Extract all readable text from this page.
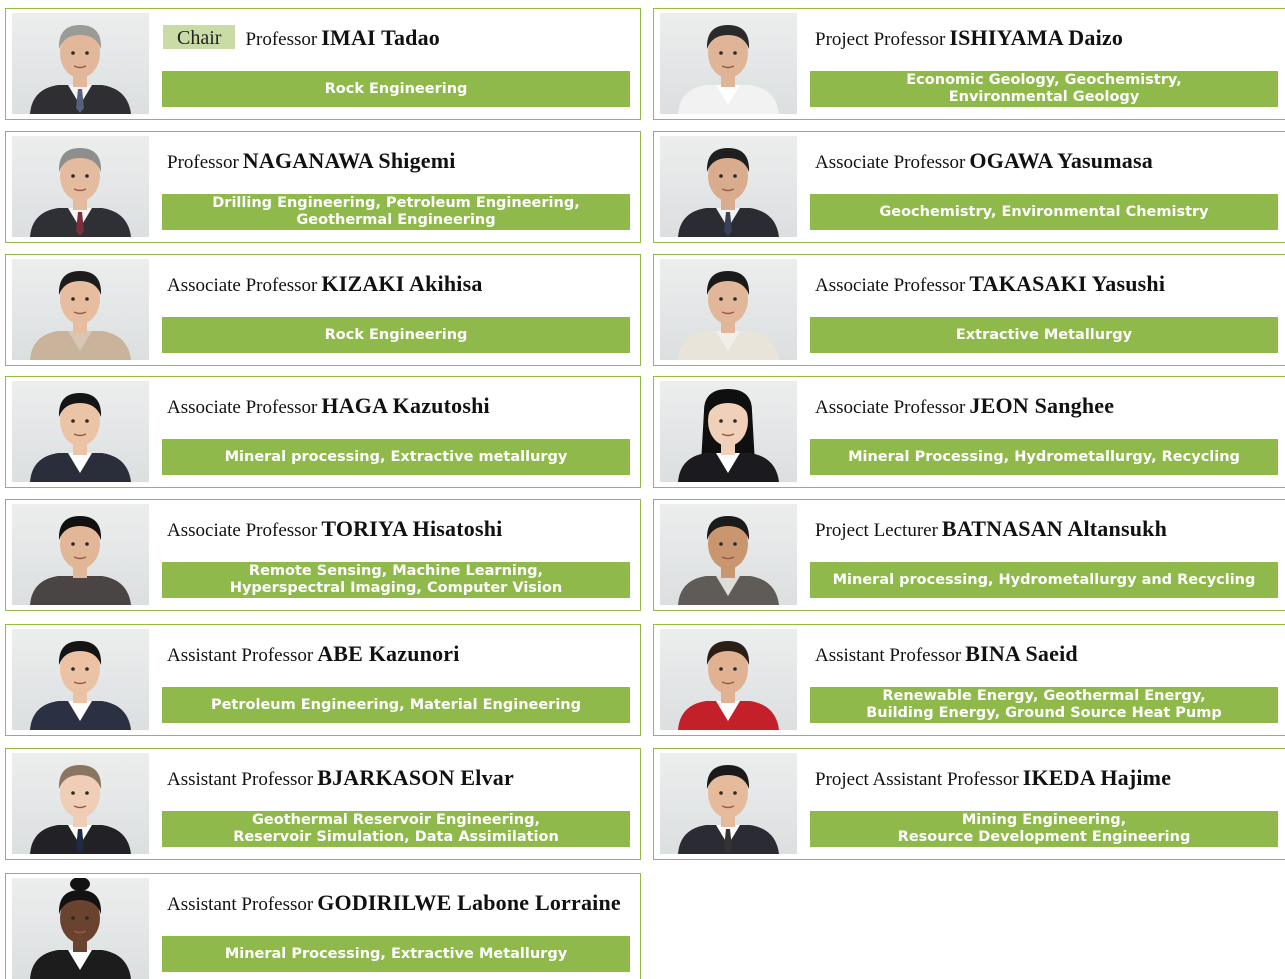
Chair Professor IMAI Tadao
Rock Engineering
Project Professor ISHIYAMA Daizo
Economic Geology, Geochemistry,
Environmental Geology
Professor NAGANAWA Shigemi
Drilling Engineering, Petroleum Engineering,
Geothermal Engineering
Associate Professor OGAWA Yasumasa
Geochemistry, Environmental Chemistry
Associate Professor KIZAKI Akihisa
Rock Engineering
Associate Professor TAKASAKI Yasushi
Extractive Metallurgy
Associate Professor HAGA Kazutoshi
Mineral processing, Extractive metallurgy
Associate Professor JEON Sanghee
Mineral Processing, Hydrometallurgy, Recycling
Associate Professor TORIYA Hisatoshi
Remote Sensing, Machine Learning,
Hyperspectral Imaging, Computer Vision
Project Lecturer BATNASAN Altansukh
Mineral processing, Hydrometallurgy and Recycling
Assistant Professor ABE Kazunori
Petroleum Engineering, Material Engineering
Assistant Professor BINA Saeid
Renewable Energy, Geothermal Energy,
Building Energy, Ground Source Heat Pump
Assistant Professor BJARKASON Elvar
Geothermal Reservoir Engineering,
Reservoir Simulation, Data Assimilation
Project Assistant Professor IKEDA Hajime
Mining Engineering,
Resource Development Engineering
Assistant Professor GODIRILWE Labone Lorraine
Mineral Processing, Extractive Metallurgy
